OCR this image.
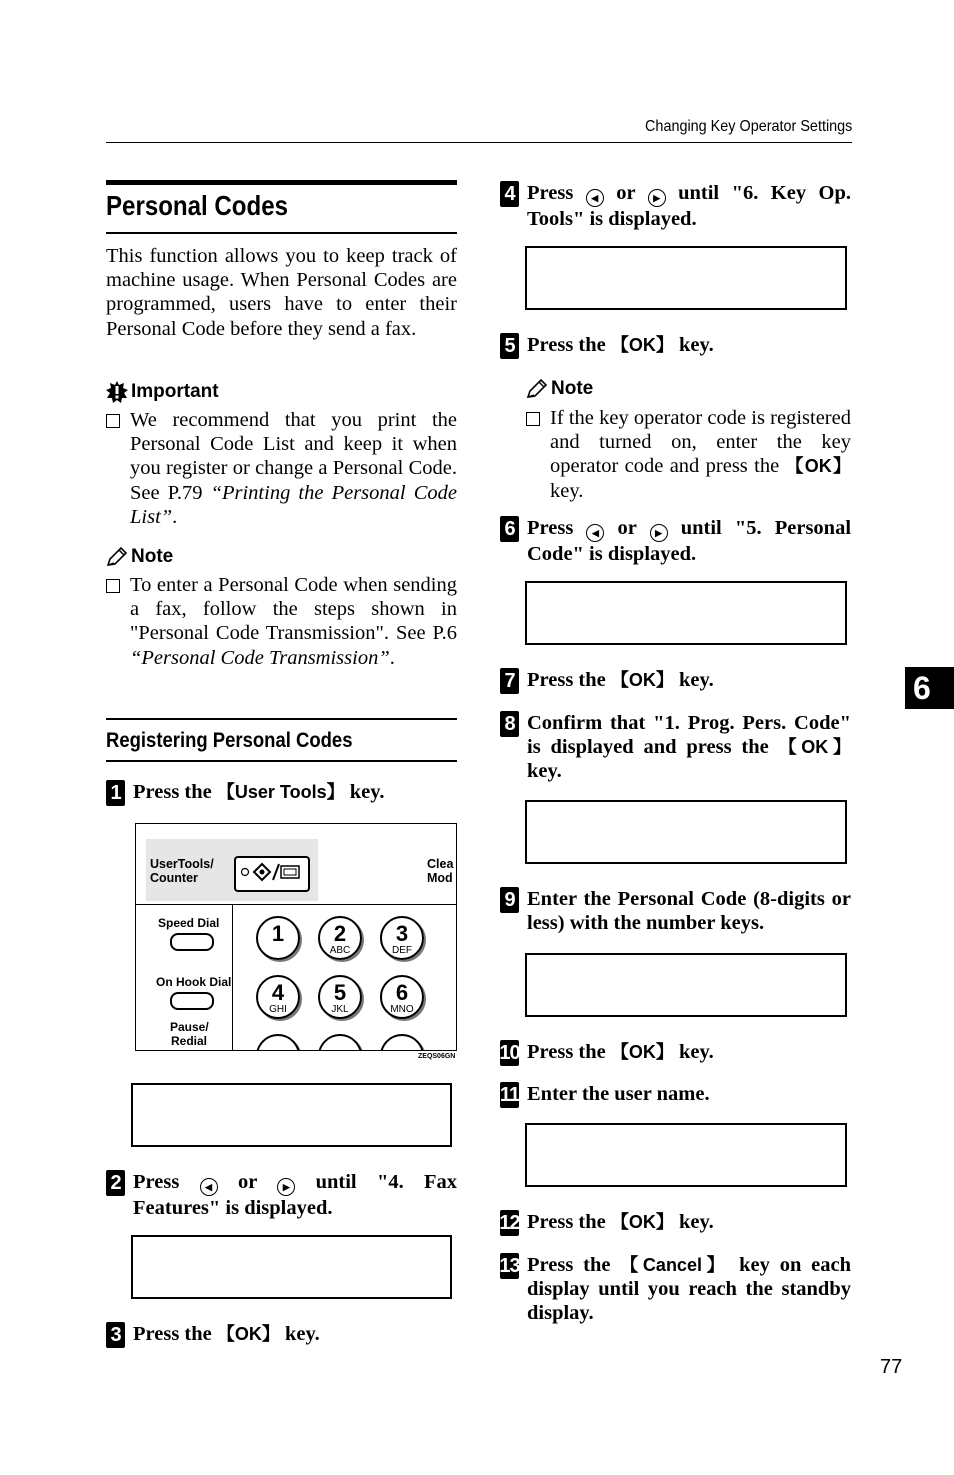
Changing Key Operator Settings
Personal Codes
This function allows you to keep track of machine usage. When Personal Codes are programmed, users have to enter their Personal Code before they send a fax.
Important
We recommend that you print the Personal Code List and keep it when you register or change a Personal Code. See P.79 “Printing the Personal Code List”.
Note
To enter a Personal Code when sending a fax, follow the steps shown in "Personal Code Transmission". See P.6 “Personal Code Transmission”.
Registering Personal Codes
1 Press the 【User Tools】 key.
UserTools/
Counter
Clea
Mod
Speed Dial
On Hook Dial
Pause/
Redial
1	2
ABC
3
DEF
4
GHI
5
JKL
6
MNO
ZEQS06GN

2 Press	◀ or	▶ until "4. Fax Features" is displayed.

3 Press the 【OK】 key.
4 Press ◀ or ▶ until "6. Key Op. Tools" is displayed.

5 Press the 【OK】 key.
Note
If the key operator code is registered and turned on, enter the key operator code and press the 【OK】 key.
6 Press ◀ or ▶ until "5. Personal Code" is displayed.

7 Press the 【OK】 key.
8 Confirm that "1. Prog. Pers. Code" is displayed and press the 【OK】 key.

9 Enter the Personal Code (8-digits or less) with the number keys.

10 Press the 【OK】 key.
11 Enter the user name.

12 Press the 【OK】 key.
13 Press the 【Cancel】 key on each display until you reach the standby display.
6
77
